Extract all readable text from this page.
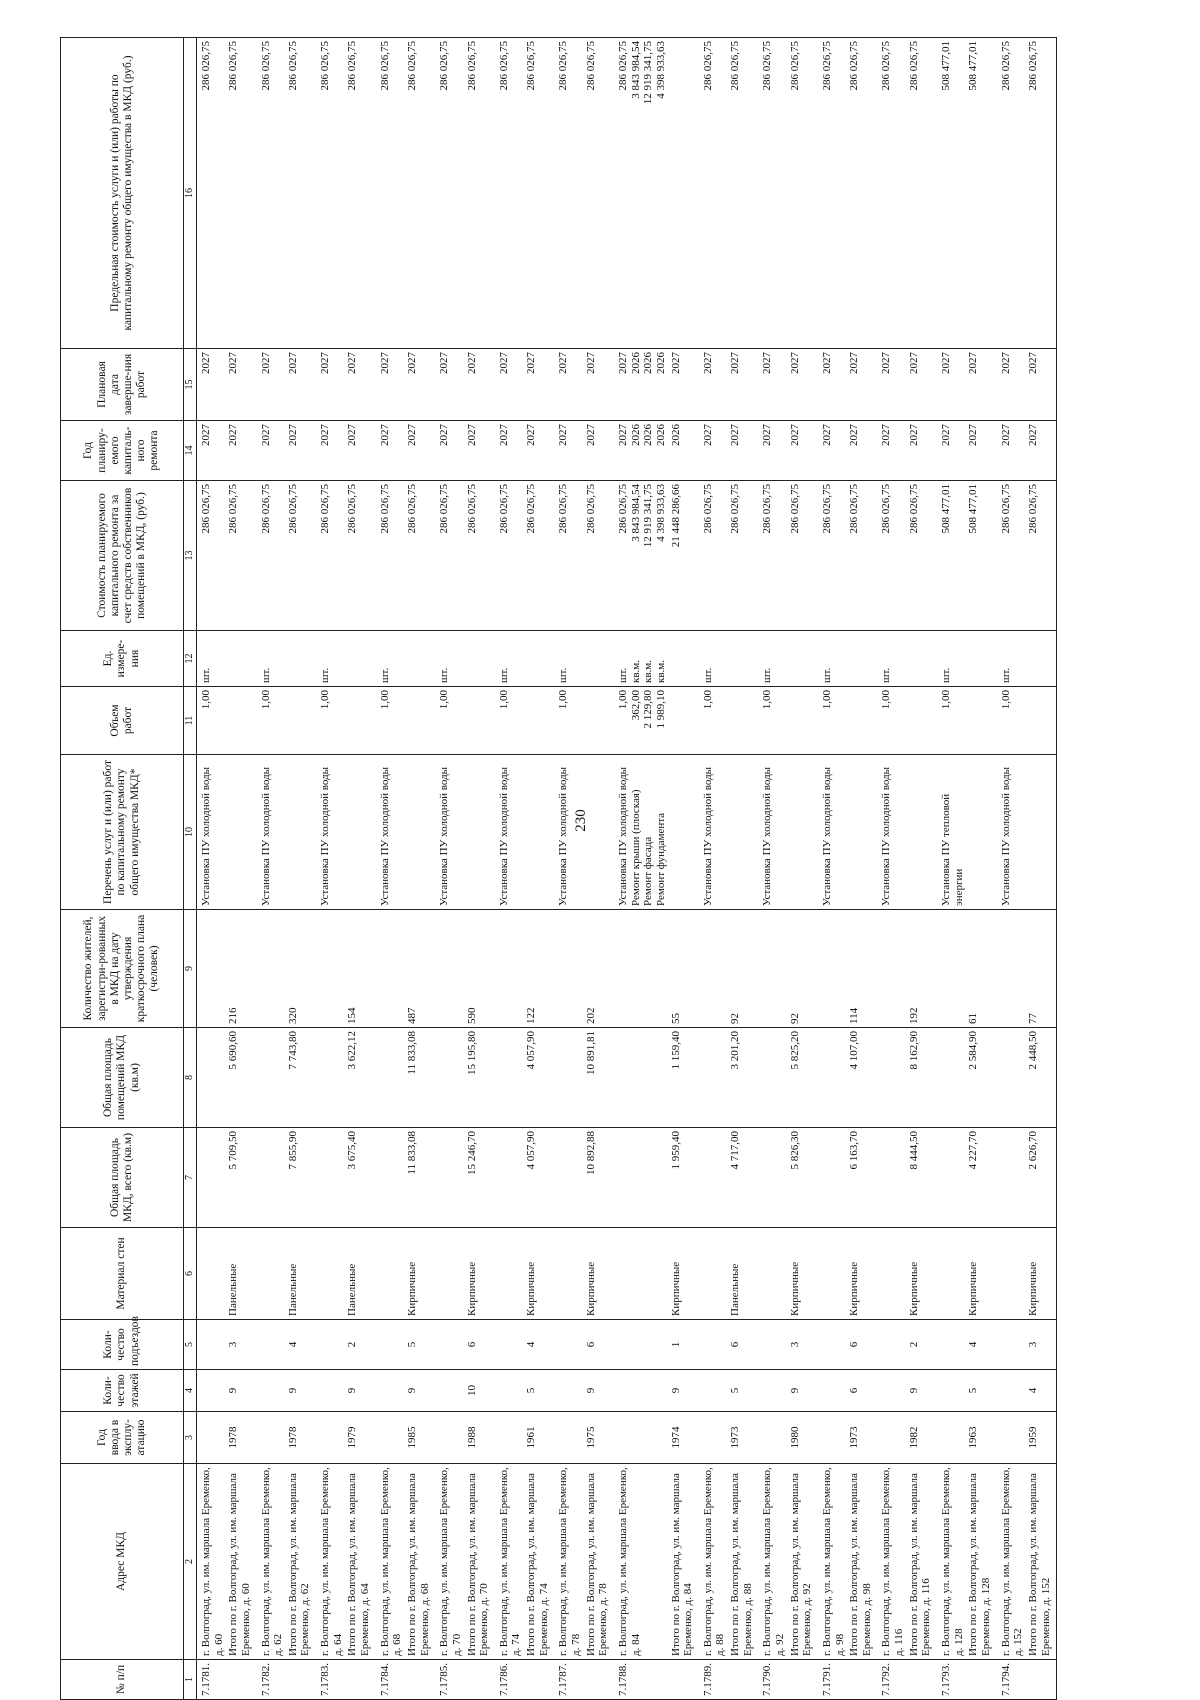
230
№ п/п	Адрес МКД	Год ввода в эксплу-атацию	Коли-чество этажей	Коли-чество подъездов	Материал стен	Общая площадь МКД, всего (кв.м)	Общая площадь помещений МКД (кв.м)	Количество жителей, зарегистри-рованных в МКД на дату утверждения краткосрочного плана (человек)	Перечень услуг и (или) работ по капитальному ремонту общего имущества МКД*	Объем работ	Ед. измере-ния	Стоимость планируемого капитального ремонта за счет средств собственников помещений в МКД, (руб.)	Год планиру-емого капиталь-ного ремонта	Плановая дата заверше-ния работ	Предельная стоимость услуги и (или) работы по капитальному ремонту общего имущества в МКД (руб.)
1	2	3	4	5	6	7	8	9	10	11	12	13	14	15	16
7.1781.	г. Волгоград, ул. им. маршала Еременко, д. 60								Установка ПУ холодной воды	1,00	шт.	286 026,75	2027	2027	286 026,75

	Итого по г. Волгоград, ул. им. маршала Еременко, д. 60	1978	9	3	Панельные	5 709,50	5 690,60	216				286 026,75	2027	2027	286 026,75
7.1782.	г. Волгоград, ул. им. маршала Еременко, д. 62								Установка ПУ холодной воды	1,00	шт.	286 026,75	2027	2027	286 026,75

	Итого по г. Волгоград, ул. им. маршала Еременко, д. 62	1978	9	4	Панельные	7 855,90	7 743,80	320				286 026,75	2027	2027	286 026,75
7.1783.	г. Волгоград, ул. им. маршала Еременко, д. 64								Установка ПУ холодной воды	1,00	шт.	286 026,75	2027	2027	286 026,75

	Итого по г. Волгоград, ул. им. маршала Еременко, д. 64	1979	9	2	Панельные	3 675,40	3 622,12	154				286 026,75	2027	2027	286 026,75
7.1784.	г. Волгоград, ул. им. маршала Еременко, д. 68								Установка ПУ холодной воды	1,00	шт.	286 026,75	2027	2027	286 026,75

	Итого по г. Волгоград, ул. им. маршала Еременко, д. 68	1985	9	5	Кирпичные	11 833,08	11 833,08	487				286 026,75	2027	2027	286 026,75
7.1785.	г. Волгоград, ул. им. маршала Еременко, д. 70								Установка ПУ холодной воды	1,00	шт.	286 026,75	2027	2027	286 026,75

	Итого по г. Волгоград, ул. им. маршала Еременко, д. 70	1988	10	6	Кирпичные	15 246,70	15 195,80	590				286 026,75	2027	2027	286 026,75
7.1786.	г. Волгоград, ул. им. маршала Еременко, д. 74								Установка ПУ холодной воды	1,00	шт.	286 026,75	2027	2027	286 026,75

	Итого по г. Волгоград, ул. им. маршала Еременко, д. 74	1961	5	4	Кирпичные	4 057,90	4 057,90	122				286 026,75	2027	2027	286 026,75
7.1787.	г. Волгоград, ул. им. маршала Еременко, д. 78								Установка ПУ холодной воды	1,00	шт.	286 026,75	2027	2027	286 026,75

	Итого по г. Волгоград, ул. им. маршала Еременко, д. 78	1975	9	6	Кирпичные	10 892,88	10 891,81	202				286 026,75	2027	2027	286 026,75
7.1788.	г. Волгоград, ул. им. маршала Еременко, д. 84								Установка ПУ холодной воды Ремонт крыши (плоская) Ремонт фасада Ремонт фундамента	1,00 362,00 2 129,80 1 989,10	шт. кв.м. кв.м. кв.м.	286 026,75 3 843 984,54 12 919 341,75 4 398 933,63	2027 2026 2026 2026	2027 2026 2026 2026	286 026,75 3 843 984,54 12 919 341,75 4 398 933,63

	Итого по г. Волгоград, ул. им. маршала Еременко, д. 84	1974	9	1	Кирпичные	1 959,40	1 159,40	55				21 448 286,66	2026	2027	
7.1789.	г. Волгоград, ул. им. маршала Еременко, д. 88								Установка ПУ холодной воды	1,00	шт.	286 026,75	2027	2027	286 026,75

	Итого по г. Волгоград, ул. им. маршала Еременко, д. 88	1973	5	6	Панельные	4 717,00	3 201,20	92				286 026,75	2027	2027	286 026,75
7.1790.	г. Волгоград, ул. им. маршала Еременко, д. 92								Установка ПУ холодной воды	1,00	шт.	286 026,75	2027	2027	286 026,75

	Итого по г. Волгоград, ул. им. маршала Еременко, д. 92	1980	9	3	Кирпичные	5 826,30	5 825,20	92				286 026,75	2027	2027	286 026,75
7.1791.	г. Волгоград, ул. им. маршала Еременко, д. 98								Установка ПУ холодной воды	1,00	шт.	286 026,75	2027	2027	286 026,75

	Итого по г. Волгоград, ул. им. маршала Еременко, д. 98	1973	6	6	Кирпичные	6 163,70	4 107,00	114				286 026,75	2027	2027	286 026,75
7.1792.	г. Волгоград, ул. им. маршала Еременко, д. 116								Установка ПУ холодной воды	1,00	шт.	286 026,75	2027	2027	286 026,75

	Итого по г. Волгоград, ул. им. маршала Еременко, д. 116	1982	9	2	Кирпичные	8 444,50	8 162,90	192				286 026,75	2027	2027	286 026,75
7.1793.	г. Волгоград, ул. им. маршала Еременко, д. 128								Установка ПУ тепловой энергии	1,00	шт.	508 477,01	2027	2027	508 477,01

	Итого по г. Волгоград, ул. им. маршала Еременко, д. 128	1963	5	4	Кирпичные	4 227,70	2 584,90	61				508 477,01	2027	2027	508 477,01
7.1794.	г. Волгоград, ул. им. маршала Еременко, д. 152								Установка ПУ холодной воды	1,00	шт.	286 026,75	2027	2027	286 026,75

	Итого по г. Волгоград, ул. им. маршала Еременко, д. 152	1959	4	3	Кирпичные	2 626,70	2 448,50	77				286 026,75	2027	2027	286 026,75
